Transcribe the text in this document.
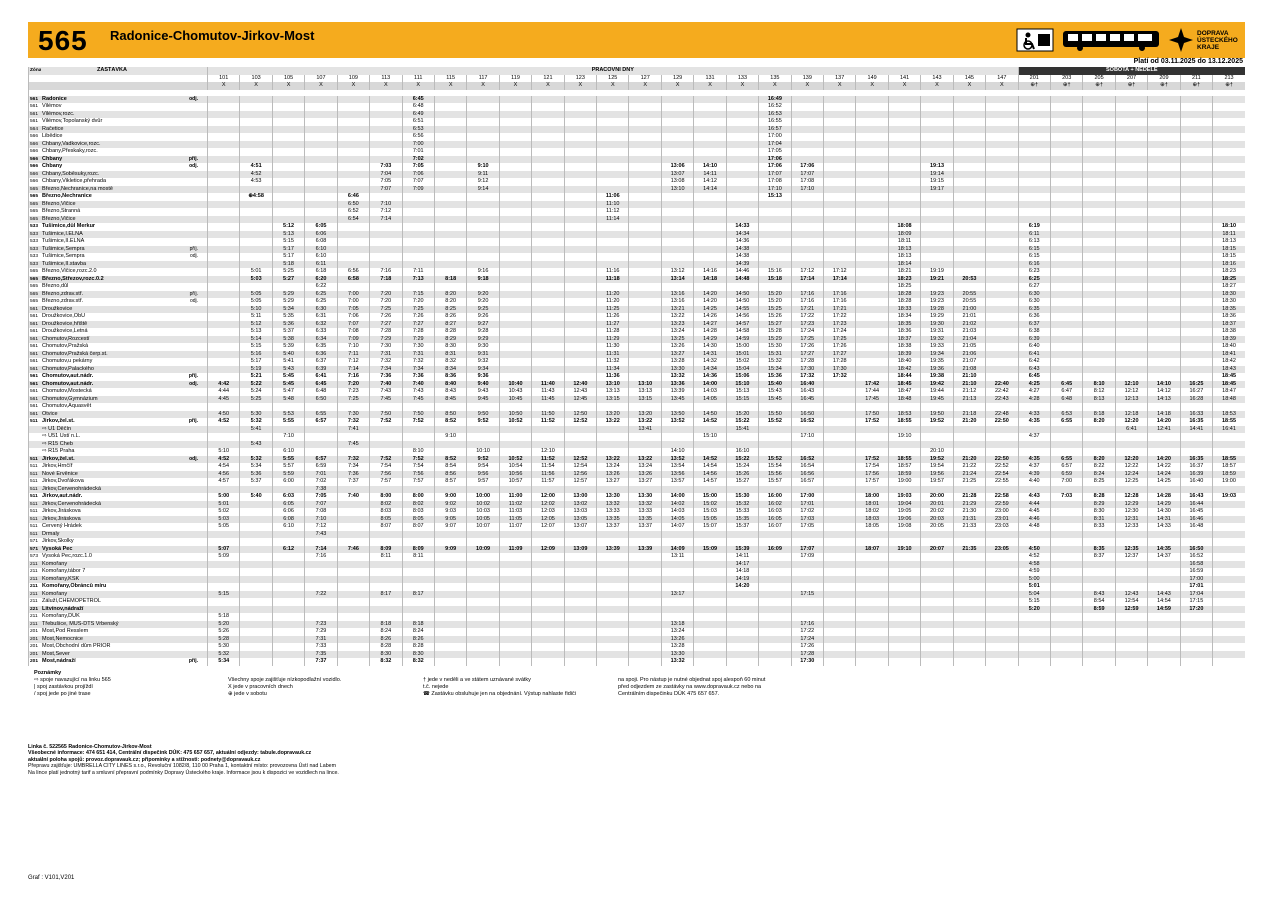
565 Radonice-Chomutov-Jirkov-Most	DOPRAVA ÚSTECKÉHO KRAJE
Platí od 03.11.2025 do 13.12.2025
Zóna	ZASTÁVKA			PRACOVNÍ DNY																									SOBOTA + NEDĚLE						
				101	103	105	107	109	113	111	115	117	119	121	123	125	127	129	131	133	135	139	137	149	141	143	145	147	201	203	205	207	209	211	213
				X	X	X	X	X	X	X	X	X	X	X	X	X	X	X	X	X	X	X	X	X	X	X	X	X	⊕†	⊕†	⊕†	⊕†	⊕†	⊕†	⊕†

561	Radonice	odj.								6:45											16:49														
561	Vilémov									6:48											16:52														
561	Vilémov,rozc.									6:49											16:53														
561	Vilémov,Topolanský dvůr									6:51											16:55														
564	Račetice									6:53											16:57														
566	Libědice									6:56											17:00														
566	Chbany,Vadkovice,rozc.									7:00											17:04														
566	Chbany,Přeskaky,rozc.									7:01											17:05														
566	Chbany	příj.								7:02											17:06														
566	Chbany	odj.			4:51				7:03	7:05		9:10						13:06	14:10		17:06	17:06				19:13									
566	Chbany,Soběsuky,rozc.				4:52				7:04	7:06		9:11						13:07	14:11		17:07	17:07				19:14									
566	Chbany,Vikletice,přehrada				4:53				7:05	7:07		9:12						13:08	14:12		17:08	17:08				19:15									
565	Březno,Nechranice,na mostě								7:07	7:09		9:14						13:10	14:14		17:10	17:10				19:17									
565	Březno,Nechranice				⊕4:58			6:46								11:06					15:13														
565	Březno,Vičice							6:50	7:10							11:10																			
565	Březno,Stranná							6:52	7:12							11:12																			
565	Březno,Vičice							6:54	7:14							11:14																			
533	Tušimice,důl Merkur					5:12	6:05													14:33					18:08				6:19						18:10
533	Tušimice,I.ELNA					5:13	6:06													14:34					18:09				6:11						18:11
533	Tušimice,II.ELNA					5:15	6:08													14:36					18:11				6:13						18:13
533	Tušimice,Sempra	příj.				5:17	6:10													14:38					18:13				6:15						18:15
533	Tušimice,Sempra	odj.				5:17	6:10													14:38					18:13				6:15						18:15
533	Tušimice,II.stavba					5:18	6:11													14:39					18:14				6:16						18:16
565	Březno,Vičice,rozc.2.0				5:01	5:25	6:18	6:56	7:16	7:11		9:16				11:16		13:12	14:16	14:46	15:16	17:12	17:12		18:21	19:19			6:23						18:23
565	Březno,Střezov,rozc.0.2				5:03	5:27	6:20	6:58	7:18	7:13	8:18	9:18				11:18		13:14	14:18	14:48	15:18	17:14	17:14		18:23	19:21	20:53		6:25						18:25
565	Březno,důl						6:22																		18:25				6:27						18:27
565	Březno,zdrav.stř.	příj.			5:05	5:29	6:25	7:00	7:20	7:15	8:20	9:20				11:20		13:16	14:20	14:50	15:20	17:16	17:16		18:28	19:23	20:55		6:30						18:30
565	Březno,zdrav.stř.	odj.			5:05	5:29	6:25	7:00	7:20	7:20	8:20	9:20				11:20		13:16	14:20	14:50	15:20	17:16	17:16		18:28	19:23	20:55		6:30						18:30
561	Droužkovice				5:10	5:34	6:30	7:05	7:25	7:25	8:25	9:25				11:25		13:21	14:25	14:55	15:25	17:21	17:21		18:33	19:28	21:00		6:35						18:35
561	Droužkovice,ObÚ				5:11	5:35	6:31	7:06	7:26	7:26	8:26	9:26				11:26		13:22	14:26	14:56	15:26	17:22	17:22		18:34	19:29	21:01		6:36						18:36
561	Droužkovice,hřiště				5:12	5:36	6:32	7:07	7:27	7:27	8:27	9:27				11:27		13:23	14:27	14:57	15:27	17:23	17:23		18:35	19:30	21:02		6:37						18:37
561	Droužkovice,Letná				5:13	5:37	6:33	7:08	7:28	7:28	8:28	9:28				11:28		13:24	14:28	14:58	15:28	17:24	17:24		18:36	19:31	21:03		6:38						18:38
561	Chomutov,Rozcestí				5:14	5:38	6:34	7:09	7:29	7:29	8:29	9:29				11:29		13:25	14:29	14:59	15:29	17:25	17:25		18:37	19:32	21:04		6:39						18:39
561	Chomutov,Pražská				5:15	5:39	6:35	7:10	7:30	7:30	8:30	9:30				11:30		13:26	14:30	15:00	15:30	17:26	17:26		18:38	19:33	21:05		6:40						18:40
561	Chomutov,Pražská čerp.st.				5:16	5:40	6:36	7:11	7:31	7:31	8:31	9:31				11:31		13:27	14:31	15:01	15:31	17:27	17:27		18:39	19:34	21:06		6:41						18:41
561	Chomutov,u pekárny				5:17	5:41	6:37	7:12	7:32	7:32	8:32	9:32				11:32		13:28	14:32	15:02	15:32	17:28	17:28		18:40	19:35	21:07		6:42						18:42
561	Chomutov,Palackého				5:19	5:43	6:39	7:14	7:34	7:34	8:34	9:34				11:34		13:30	14:34	15:04	15:34	17:30	17:30		18:42	19:36	21:08		6:43						18:43
561	Chomutov,aut.nádr.	příj.			5:21	5:45	6:41	7:16	7:36	7:36	8:36	9:36				11:36		13:32	14:36	15:06	15:36	17:32	17:32		18:44	19:38	21:10		6:45						18:45
561	Chomutov,aut.nádr.	odj.		4:42	5:22	5:45	6:45	7:20	7:40	7:40	8:40	9:40	10:40	11:40	12:40	13:10	13:10	13:36	14:00	15:10	15:40	16:40		17:42	18:45	19:42	21:10	22:40	4:25	6:45	8:10	12:10	14:10	16:25	18:45
561	Chomutov,Mostecká			4:44	5:24	5:47	6:48	7:23	7:43	7:43	8:43	9:43	10:43	11:43	12:43	13:13	13:13	13:39	14:03	15:13	15:43	16:43		17:44	18:47	19:44	21:12	22:42	4:27	6:47	8:12	12:12	14:12	16:27	18:47
561	Chomutov,Gymnázium			4:45	5:25	5:48	6:50	7:25	7:45	7:45	8:45	9:45	10:45	11:45	12:45	13:15	13:15	13:45	14:05	15:15	15:45	16:45		17:45	18:48	19:45	21:13	22:43	4:28	6:48	8:13	12:13	14:13	16:28	18:48
561	Chomutov,Aquasvět																																		
561	Otvice			4:50	5:30	5:53	6:55	7:30	7:50	7:50	8:50	9:50	10:50	11:50	12:50	13:20	13:20	13:50	14:50	15:20	15:50	16:50		17:50	18:53	19:50	21:18	22:48	4:33	6:53	8:18	12:18	14:18	16:33	18:53
511	Jirkov,žel.st.	příj.		4:52	5:32	5:55	6:57	7:32	7:52	7:52	8:52	9:52	10:52	11:52	12:52	13:22	13:22	13:52	14:52	15:22	15:52	16:52		17:52	18:55	19:52	21:20	22:50	4:35	6:55	8:20	12:20	14:20	16:35	18:55
	⇨ U1 Děčín				5:41			7:41									13:41			15:41												6:41	12:41	14:41	16:41
	⇨ U51 Ústí n.L.					7:10					9:10								15:10			17:10			19:10				4:37						
	⇨ R15 Cheb				5:43			7:45																											
	⇨ R15 Praha			5:10		6:10				8:10		10:10		12:10				14:10		16:10						20:10									
511	Jirkov,žel.st.	odj.		4:52	5:32	5:55	6:57	7:32	7:52	7:52	8:52	9:52	10:52	11:52	12:52	13:22	13:22	13:52	14:52	15:22	15:52	16:52		17:52	18:55	19:52	21:20	22:50	4:35	6:55	8:20	12:20	14:20	16:35	18:55
511	Jirkov,Hrnčíř			4:54	5:34	5:57	6:59	7:34	7:54	7:54	8:54	9:54	10:54	11:54	12:54	13:24	13:24	13:54	14:54	15:24	15:54	16:54		17:54	18:57	19:54	21:22	22:52	4:37	6:57	8:22	12:22	14:22	16:37	18:57
511	Nové Ervěnice			4:56	5:36	5:59	7:01	7:36	7:56	7:56	8:56	9:56	10:56	11:56	12:56	13:26	13:26	13:56	14:56	15:26	15:56	16:56		17:56	18:59	19:56	21:24	22:54	4:39	6:59	8:24	12:24	14:24	16:39	18:59
511	Jirkov,Dvořákova			4:57	5:37	6:00	7:02	7:37	7:57	7:57	8:57	9:57	10:57	11:57	12:57	13:27	13:27	13:57	14:57	15:27	15:57	16:57		17:57	19:00	19:57	21:25	22:55	4:40	7:00	8:25	12:25	14:25	16:40	19:00
511	Jirkov,Červenohrádecká						7:38																												
511	Jirkov,aut.nádr.			5:00	5:40	6:03	7:05	7:40	8:00	8:00	9:00	10:00	11:00	12:00	13:00	13:30	13:30	14:00	15:00	15:30	16:00	17:00		18:00	19:03	20:00	21:28	22:58	4:43	7:03	8:28	12:28	14:28	16:43	19:03
511	Jirkov,Červenohrádecká			5:01		6:05	7:07		8:02	8:02	9:02	10:02	11:02	12:02	13:02	13:32	13:32	14:02	15:02	15:32	16:02	17:01		18:01	19:04	20:01	21:29	22:59	4:44		8:29	12:29	14:29	16:44	
511	Jirkov,Jiráskova			5:02		6:06	7:08		8:03	8:03	9:03	10:03	11:03	12:03	13:03	13:33	13:33	14:03	15:03	15:33	16:03	17:02		18:02	19:05	20:02	21:30	23:00	4:45		8:30	12:30	14:30	16:45	
511	Jirkov,Jiráskova			5:03		6:08	7:10		8:05	8:05	9:05	10:05	11:05	12:05	13:05	13:35	13:35	14:05	15:05	15:35	16:05	17:03		18:03	19:06	20:03	21:31	23:01	4:46		8:31	12:31	14:31	16:46	
511	Červený Hrádek			5:05		6:10	7:12		8:07	8:07	9:07	10:07	11:07	12:07	13:07	13:37	13:37	14:07	15:07	15:37	16:07	17:05		18:05	19:08	20:05	21:33	23:03	4:48		8:33	12:33	14:33	16:48	
511	Drmaly						7:43																												
571	Jirkov,Školky																																		
571	Vysoká Pec			5:07		6:12	7:14	7:46	8:09	8:09	9:09	10:09	11:09	12:09	13:09	13:39	13:39	14:09	15:09	15:39	16:09	17:07		18:07	19:10	20:07	21:35	23:05	4:50		8:35	12:35	14:35	16:50	
573	Vysoká Pec,rozc.1.0			5:09			7:16		8:11	8:11								13:11		14:11		17:09							4:52		8:37	12:37	14:37	16:52	
211	Komořany																			14:17									4:58					16:58	
211	Komořany,tábor 7																			14:18									4:59					16:59	
211	Komořany,KSK																			14:19									5:00					17:00	
211	Komořany,Obránců míru																			14:20									5:01					17:01	
211	Komořany			5:15			7:22		8:17	8:17								13:17				17:15							5:04		8:43	12:43	14:43	17:04	
211	Záluží,CHEMOPETROL																												5:15		8:54	12:54	14:54	17:15	
221	Litvínov,nádraží																												5:20		8:59	12:59	14:59	17:20	
211	Komořany,DUK			5:18																															
211	Třebušice, MUS-DTS Vrbenský			5:20			7:23		8:18	8:18								13:18				17:16													
201	Most,Pod Resslem			5:26			7:29		8:24	8:24								13:24				17:22													
201	Most,Nemocnice			5:28			7:31		8:26	8:26								13:26				17:24													
201	Most,Obchodní dům PRIOR			5:30			7:33		8:28	8:28								13:28				17:26													
201	Most,Sever			5:32			7:35		8:30	8:30								13:30				17:28													
201	Most,nádraží	příj.		5:34			7:37		8:32	8:32								13:32				17:30													
Poznámky
⇨ spoje navazující na linku 565
| spoj zastávkou projíždí
/ spoj jede po jiné trase
Všechny spoje zajišťuje nízkopodlažní vozidlo.
X jede v pracovních dnech
⊕ jede v sobotu
† jede v neděli a ve státem uznávané svátky
t.č. nejede
☎ Zastávku obsluhuje jen na objednání. Výstup nahlaste řidiči
na spoji. Pro nástup je nutné objednat spoj alespoň 60 minut
před odjezdem ze zastávky na www.dopravauk.cz nebo na
Centrálním dispečinku DÚK 475 657 657.
Linka č. 522565 Radonice-Chomutov-Jirkov-Most
Všeobecné informace: 474 651 414, Centrální dispečink DÚK: 475 657 657, aktuální odjezdy: tabule.dopravauk.cz
aktuální poloha spojů: provoz.dopravauk.cz; připomínky a stížnosti: podnety@dopravauk.cz
Přepravu zajišťuje: UMBRELLA CITY LINES s.r.o., Revoluční 1082/8, 110 00 Praha 1, kontaktní místo: provozovna Ústí nad Labem
Na lince platí jednotný tarif a smluvní přepravní podmínky Dopravy Ústeckého kraje. Informace jsou k dispozici ve vozidlech na lince.
Graf : V101,V201
